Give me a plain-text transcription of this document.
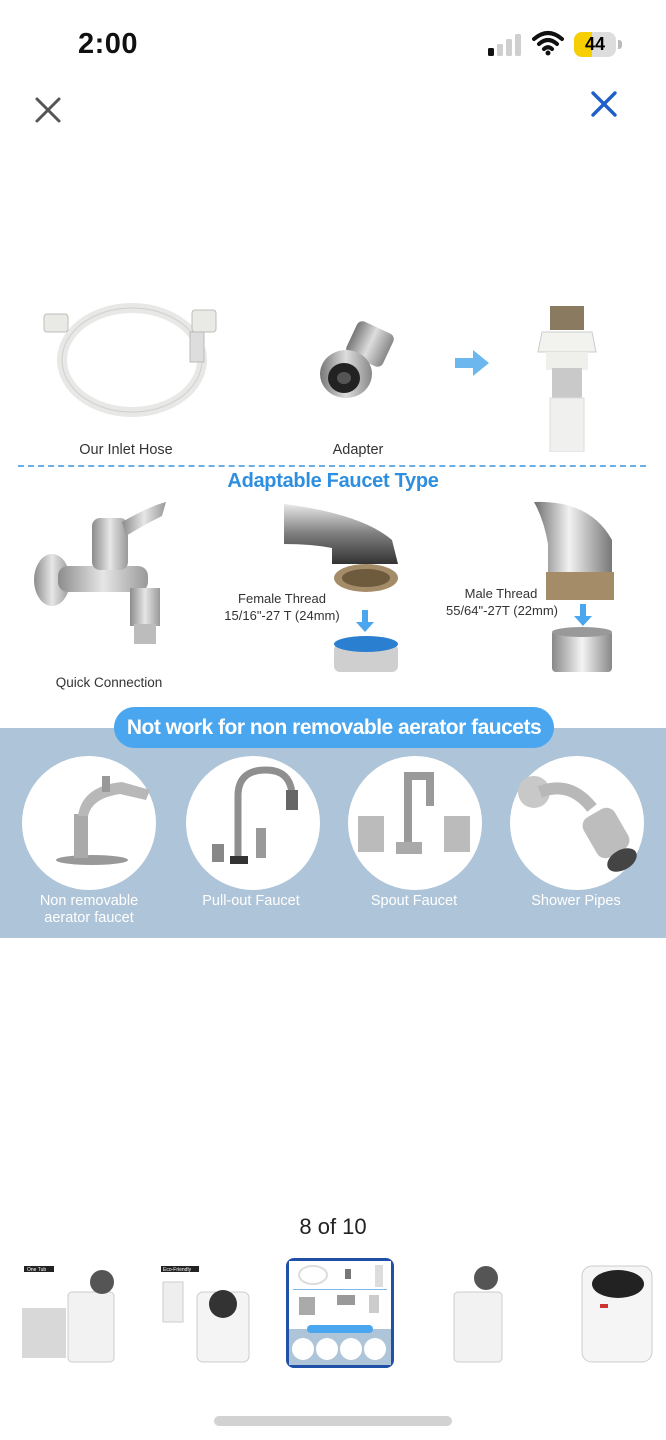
2:00	44
Our Inlet Hose	Adapter
Adaptable Faucet Type
Quick Connection
Female Thread
15/16"-27 T (24mm)
Male Thread
55/64"-27T (22mm)
Not work for non removable aerator faucets
Non removable
aerator faucet
Pull-out Faucet	Spout Faucet	Shower Pipes
8 of 10
One Tub	Eco-Friendly
